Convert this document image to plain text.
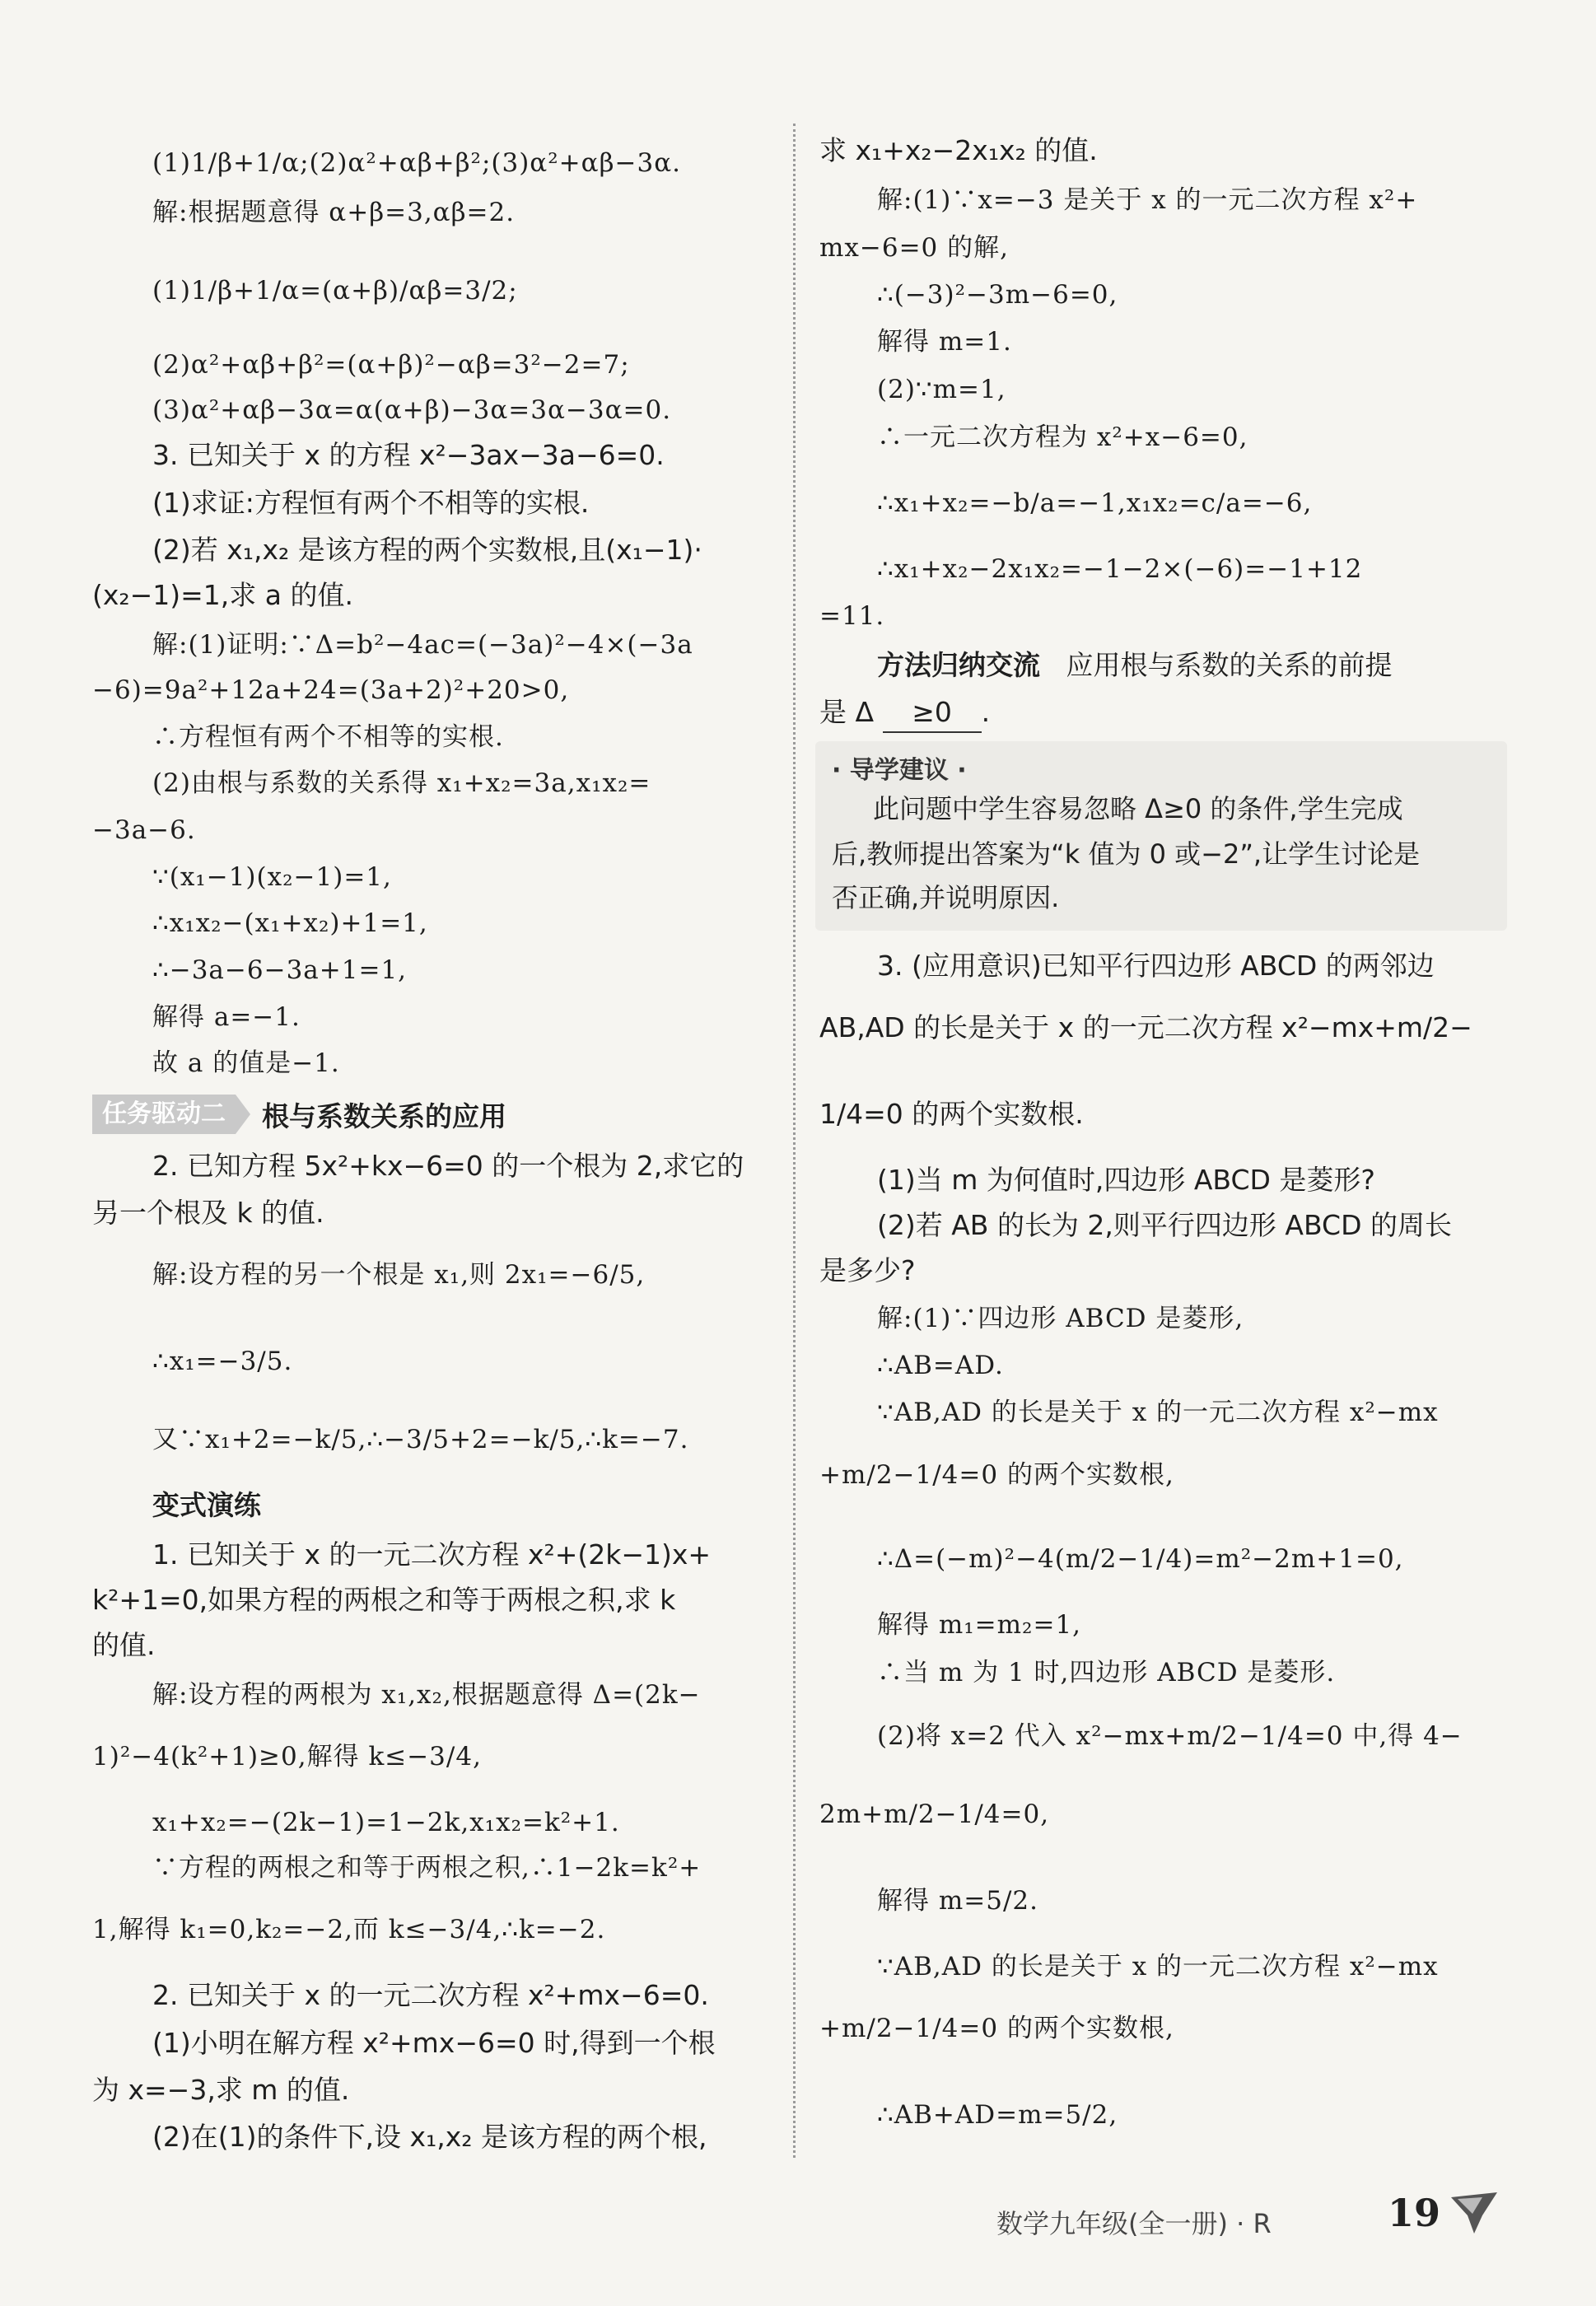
(1)1/β+1/α;(2)α²+αβ+β²;(3)α²+αβ−3α.
解:根据题意得 α+β=3,αβ=2.
(1)1/β+1/α=(α+β)/αβ=3/2;
(2)α²+αβ+β²=(α+β)²−αβ=3²−2=7;
(3)α²+αβ−3α=α(α+β)−3α=3α−3α=0.
3. 已知关于 x 的方程 x²−3ax−3a−6=0.
(1)求证:方程恒有两个不相等的实根.
(2)若 x₁,x₂ 是该方程的两个实数根,且(x₁−1)·
(x₂−1)=1,求 a 的值.
解:(1)证明:∵Δ=b²−4ac=(−3a)²−4×(−3a
−6)=9a²+12a+24=(3a+2)²+20>0,
∴方程恒有两个不相等的实根.
(2)由根与系数的关系得 x₁+x₂=3a,x₁x₂=
−3a−6.
∵(x₁−1)(x₂−1)=1,
∴x₁x₂−(x₁+x₂)+1=1,
∴−3a−6−3a+1=1,
解得 a=−1.
故 a 的值是−1.
任务驱动二	根与系数关系的应用
2. 已知方程 5x²+kx−6=0 的一个根为 2,求它的
另一个根及 k 的值.
解:设方程的另一个根是 x₁,则 2x₁=−6/5,
∴x₁=−3/5.
又∵x₁+2=−k/5,∴−3/5+2=−k/5,∴k=−7.
变式演练
1. 已知关于 x 的一元二次方程 x²+(2k−1)x+
k²+1=0,如果方程的两根之和等于两根之积,求 k
的值.
解:设方程的两根为 x₁,x₂,根据题意得 Δ=(2k−
1)²−4(k²+1)≥0,解得 k≤−3/4,
x₁+x₂=−(2k−1)=1−2k,x₁x₂=k²+1.
∵方程的两根之和等于两根之积,∴1−2k=k²+
1,解得 k₁=0,k₂=−2,而 k≤−3/4,∴k=−2.
2. 已知关于 x 的一元二次方程 x²+mx−6=0.
(1)小明在解方程 x²+mx−6=0 时,得到一个根
为 x=−3,求 m 的值.
(2)在(1)的条件下,设 x₁,x₂ 是该方程的两个根,
求 x₁+x₂−2x₁x₂ 的值.
解:(1)∵x=−3 是关于 x 的一元二次方程 x²+
mx−6=0 的解,
∴(−3)²−3m−6=0,
解得 m=1.
(2)∵m=1,
∴一元二次方程为 x²+x−6=0,
∴x₁+x₂=−b/a=−1,x₁x₂=c/a=−6,
∴x₁+x₂−2x₁x₂=−1−2×(−6)=−1+12
=11.
方法归纳交流 应用根与系数的关系的前提
是 Δ ≥0 .
· 导学建议 ·
此问题中学生容易忽略 Δ≥0 的条件,学生完成
后,教师提出答案为“k 值为 0 或−2”,让学生讨论是
否正确,并说明原因.
3. (应用意识)已知平行四边形 ABCD 的两邻边
AB,AD 的长是关于 x 的一元二次方程 x²−mx+m/2−
1/4=0 的两个实数根.
(1)当 m 为何值时,四边形 ABCD 是菱形?
(2)若 AB 的长为 2,则平行四边形 ABCD 的周长
是多少?
解:(1)∵四边形 ABCD 是菱形,
∴AB=AD.
∵AB,AD 的长是关于 x 的一元二次方程 x²−mx
+m/2−1/4=0 的两个实数根,
∴Δ=(−m)²−4(m/2−1/4)=m²−2m+1=0,
解得 m₁=m₂=1,
∴当 m 为 1 时,四边形 ABCD 是菱形.
(2)将 x=2 代入 x²−mx+m/2−1/4=0 中,得 4−
2m+m/2−1/4=0,
解得 m=5/2.
∵AB,AD 的长是关于 x 的一元二次方程 x²−mx
+m/2−1/4=0 的两个实数根,
∴AB+AD=m=5/2,
数学九年级(全一册) · R	19
